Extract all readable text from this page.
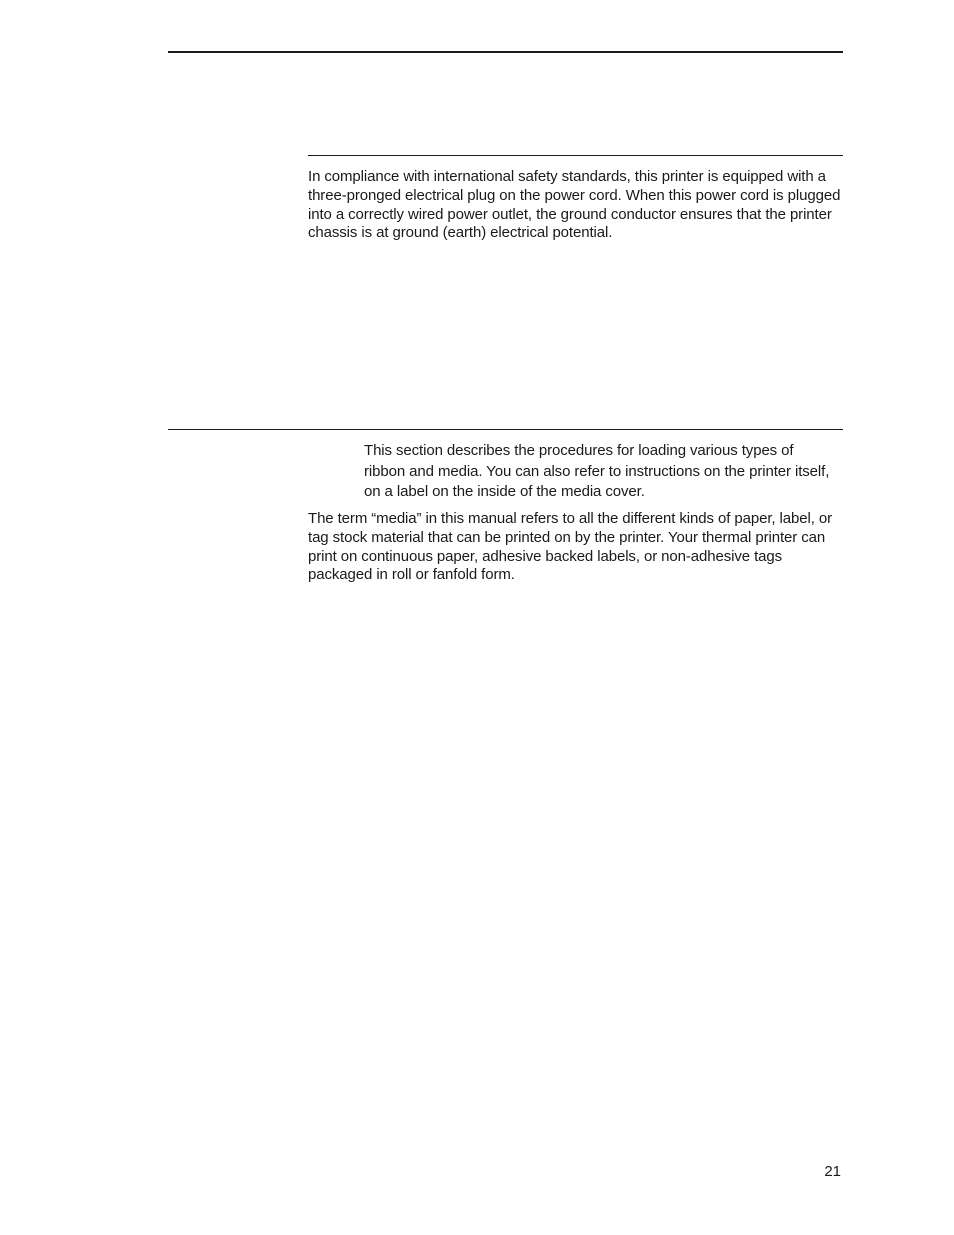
In compliance with international safety standards, this printer is equipped with a three-pronged electrical plug on the power cord. When this power cord is plugged into a correctly wired power outlet, the ground conductor ensures that the printer chassis is at ground (earth) electrical potential.

This section describes the procedures for loading various types of ribbon and media. You can also refer to instructions on the printer itself, on a label on the inside of the media cover.

The term “media” in this manual refers to all the different kinds of paper, label, or tag stock material that can be printed on by the printer. Your thermal printer can print on continuous paper, adhesive backed labels, or non-adhesive tags packaged in roll or fanfold form.

21
